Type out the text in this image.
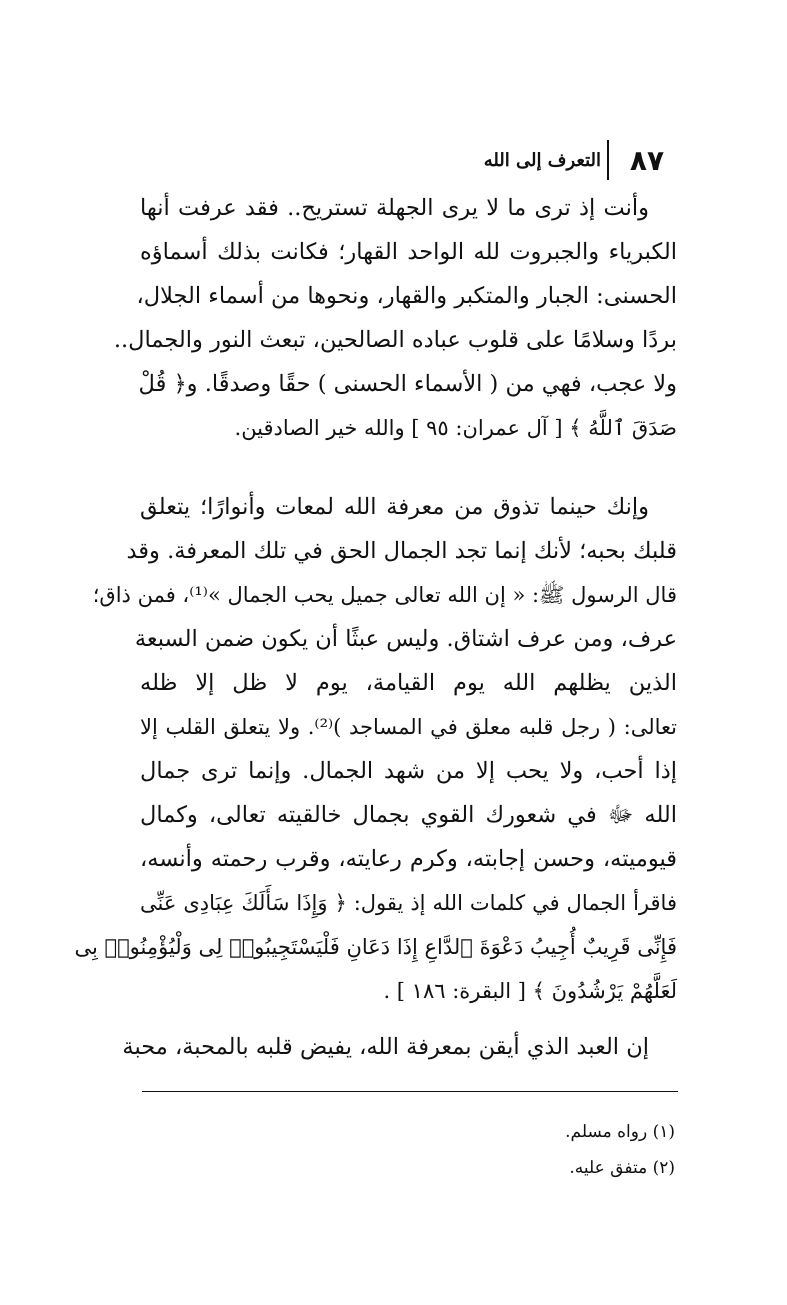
٨٧
التعرف إلى الله
وأنت إذ ترى ما لا يرى الجهلة تستريح.. فقد عرفت أنها
الكبرياء والجبروت لله الواحد القهار؛ فكانت بذلك أسماؤه
الحسنى: الجبار والمتكبر والقهار، ونحوها من أسماء الجلال،
بردًا وسلامًا على قلوب عباده الصالحين، تبعث النور والجمال..
ولا عجب، فهي من ( الأسماء الحسنى ) حقًا وصدقًا. و﴿ قُلْ
صَدَقَ ٱللَّهُ ﴾ [ آل عمران: ٩٥ ] والله خير الصادقين.
وإنك حينما تذوق من معرفة الله لمعات وأنوارًا؛ يتعلق
قلبك بحبه؛ لأنك إنما تجد الجمال الحق في تلك المعرفة. وقد
قال الرسول ﷺ: « إن الله تعالى جميل يحب الجمال »⁽¹⁾، فمن ذاق؛
عرف، ومن عرف اشتاق. وليس عبثًا أن يكون ضمن السبعة
الذين يظلهم الله يوم القيامة، يوم لا ظل إلا ظله
تعالى: ( رجل قلبه معلق في المساجد )⁽²⁾. ولا يتعلق القلب إلا
إذا أحب، ولا يحب إلا من شهد الجمال. وإنما ترى جمال
الله ﷻ في شعورك القوي بجمال خالقيته تعالى، وكمال
قيوميته، وحسن إجابته، وكرم رعايته، وقرب رحمته وأنسه،
فاقرأ الجمال في كلمات الله إذ يقول: ﴿ وَإِذَا سَأَلَكَ عِبَادِى عَنِّى
فَإِنِّى قَرِيبٌ أُجِيبُ دَعْوَةَ ٱلدَّاعِ إِذَا دَعَانِ فَلْيَسْتَجِيبُوا۟ لِى وَلْيُؤْمِنُوا۟ بِى
لَعَلَّهُمْ يَرْشُدُونَ ﴾ [ البقرة: ١٨٦ ] .
إن العبد الذي أيقن بمعرفة الله، يفيض قلبه بالمحبة، محبة
(١) رواه مسلم.
(٢) متفق عليه.
